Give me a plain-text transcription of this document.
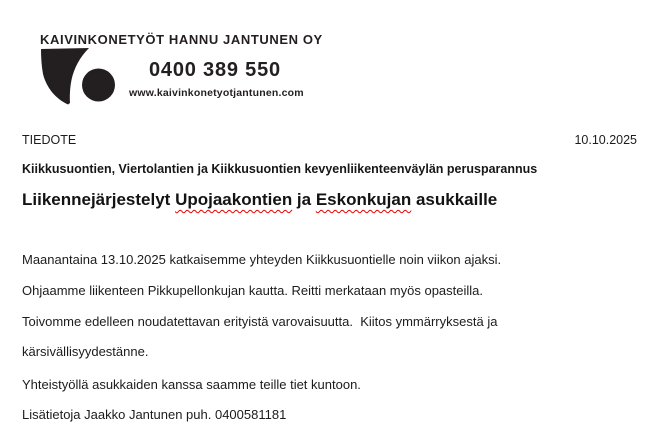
KAIVINKONETYÖT HANNU JANTUNEN OY
0400 389 550
www.kaivinkonetyotjantunen.com
TIEDOTE	10.10.2025
Kiikkusuontien, Viertolantien ja Kiikkusuontien kevyenliikenteenväylän perusparannus
Liikennejärjestelyt Upojaakontien ja Eskonkujan asukkaille
Maanantaina 13.10.2025 katkaisemme yhteyden Kiikkusuontielle noin viikon ajaksi.
Ohjaamme liikenteen Pikkupellonkujan kautta. Reitti merkataan myös opasteilla.
Toivomme edelleen noudatettavan erityistä varovaisuutta.  Kiitos ymmärryksestä ja
kärsivällisyydestänne.
Yhteistyöllä asukkaiden kanssa saamme teille tiet kuntoon.
Lisätietoja Jaakko Jantunen puh. 0400581181
